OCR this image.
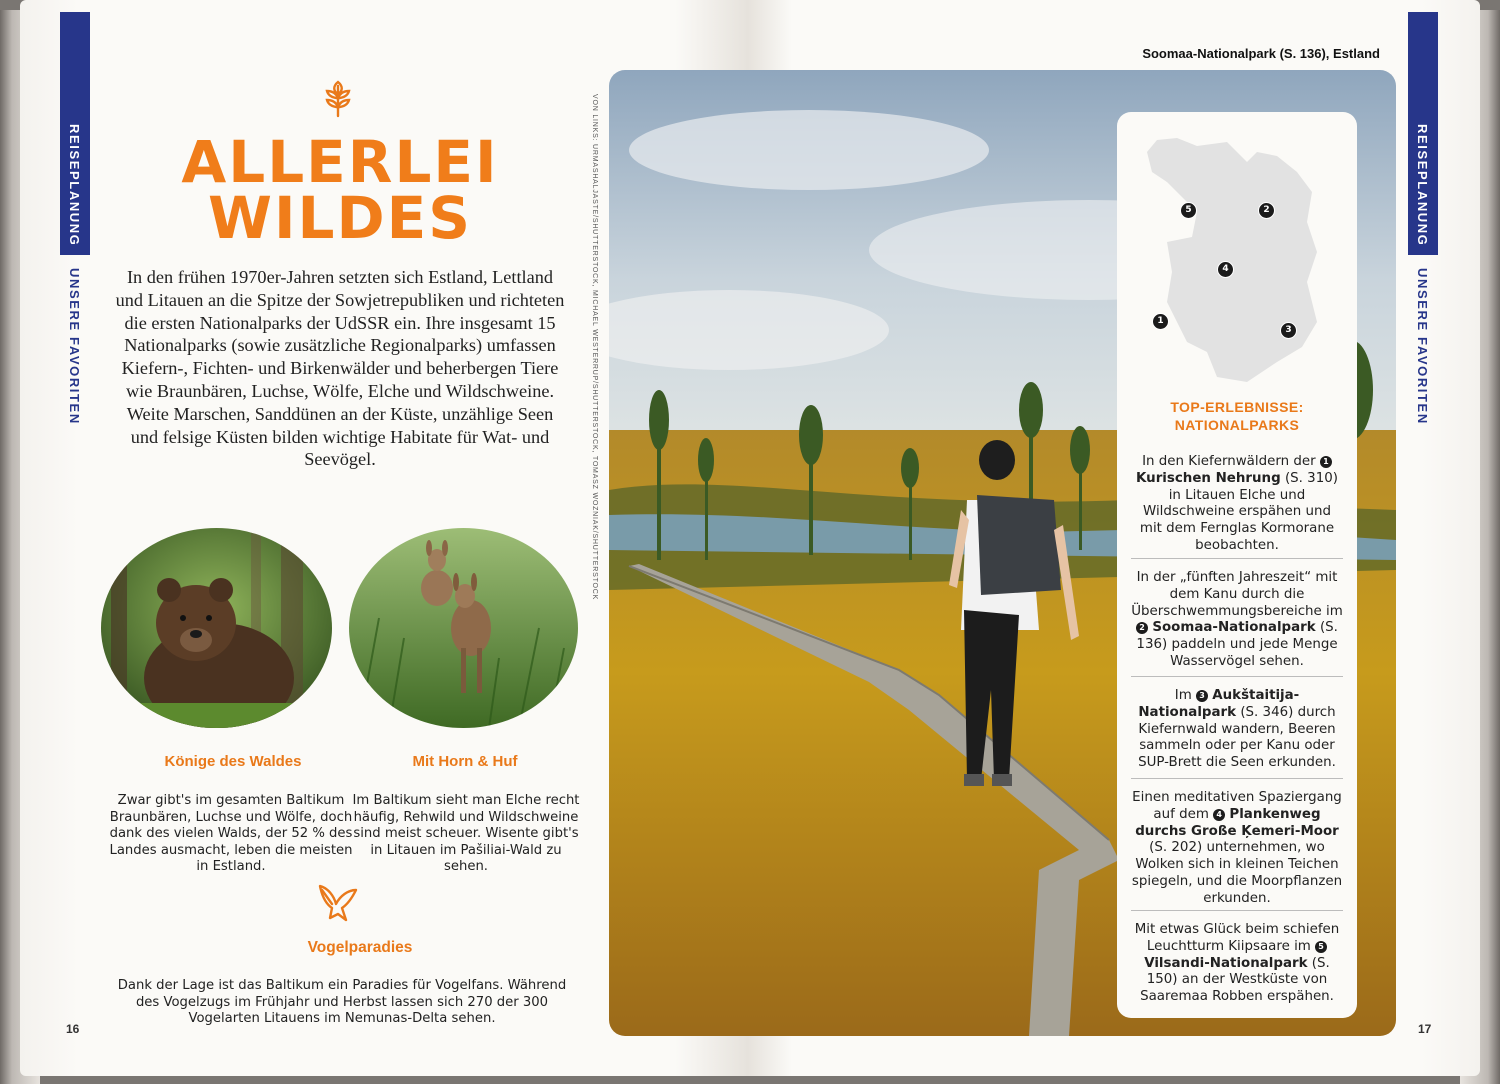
REISEPLANUNG
UNSERE FAVORITEN
ALLERLEI
WILDES
In den frühen 1970er-Jahren setzten sich Estland, Lettland und Litauen an die Spitze der Sowjetrepubliken und richteten die ersten Nationalparks der UdSSR ein. Ihre insgesamt 15 Nationalparks (sowie zusätzliche Regionalparks) umfassen Kiefern-, Fichten- und Birkenwälder und beherbergen Tiere wie Braunbären, Luchse, Wölfe, Elche und Wildschweine. Weite Marschen, Sanddünen an der Küste, unzählige Seen und felsige Küsten bilden wichtige Habitate für Wat- und Seevögel.
Könige des Waldes
Zwar gibt's im gesamten Baltikum Braunbären, Luchse und Wölfe, doch dank des vielen Walds, der 52 % des Landes ausmacht, leben die meisten in Estland.
Mit Horn & Huf
Im Baltikum sieht man Elche recht häufig, Rehwild und Wildschweine sind meist scheuer. Wisente gibt's in Litauen im Pašiliai-Wald zu sehen.
Vogelparadies
Dank der Lage ist das Baltikum ein Paradies für Vogelfans. Während des Vogelzugs im Frühjahr und Herbst lassen sich 270 der 300 Vogelarten Litauens im Nemunas-Delta sehen.
16
VON LINKS: URMASHALJASTE/SHUTTERSTOCK, MICHAEL WESTERRUP/SHUTTERSTOCK, TOMASZ WOZNIAK/SHUTTERSTOCK	REISEPLANUNG
UNSERE FAVORITEN
17
Soomaa-Nationalpark (S. 136), Estland
5	2
4
1
3
TOP-ERLEBNISSE:
NATIONALPARKS
In den Kiefernwäldern der 1 Kurischen Nehrung (S. 310) in Litauen Elche und Wildschweine erspähen und mit dem Fernglas Kormorane beobachten.
In der „fünften Jahreszeit“ mit dem Kanu durch die Überschwemmungsbereiche im 2 Soomaa-Nationalpark (S. 136) paddeln und jede Menge Wasservögel sehen.
Im 3 Aukštaitija-Nationalpark (S. 346) durch Kiefernwald wandern, Beeren sammeln oder per Kanu oder SUP-Brett die Seen erkunden.
Einen meditativen Spaziergang auf dem 4 Plankenweg durchs Große Ķemeri-Moor (S. 202) unternehmen, wo Wolken sich in kleinen Teichen spiegeln, und die Moorpflanzen erkunden.
Mit etwas Glück beim schiefen Leuchtturm Kiipsaare im 5 Vilsandi-Nationalpark (S. 150) an der Westküste von Saaremaa Robben erspähen.
